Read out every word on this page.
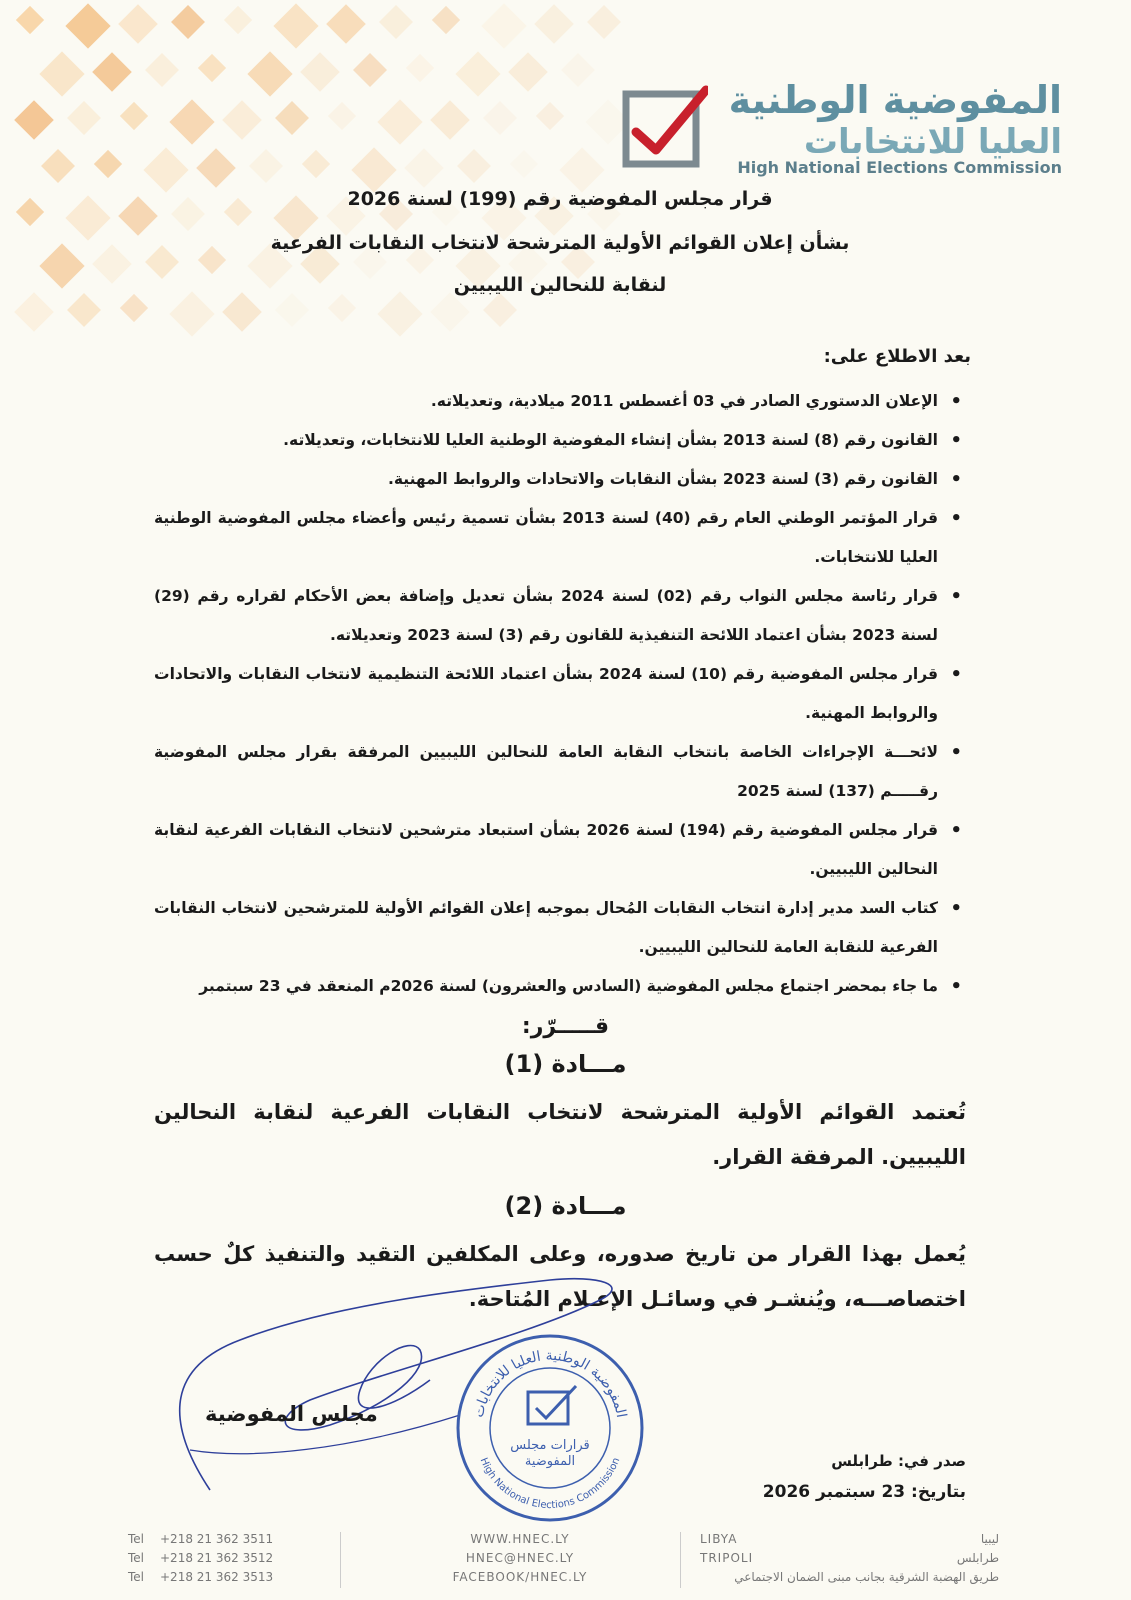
المفوضية الوطنية
العليا للانتخابات
High National Elections Commission
قرار مجلس المفوضية رقم (199) لسنة 2026
بشأن إعلان القوائم الأولية المترشحة لانتخاب النقابات الفرعية
لنقابة للنحالين الليبيين
بعد الاطلاع على:
• الإعلان الدستوري الصادر في 03 أغسطس 2011 ميلادية، وتعديلاته.
• القانون رقم (8) لسنة 2013 بشأن إنشاء المفوضية الوطنية العليا للانتخابات، وتعديلاته.
• القانون رقم (3) لسنة 2023 بشأن النقابات والاتحادات والروابط المهنية.
• قرار المؤتمر الوطني العام رقم (40) لسنة 2013 بشأن تسمية رئيس وأعضاء مجلس المفوضية الوطنية العليا للانتخابات.
• قرار رئاسة مجلس النواب رقم (02) لسنة 2024 بشأن تعديل وإضافة بعض الأحكام لقراره رقم (29) لسنة 2023 بشأن اعتماد اللائحة التنفيذية للقانون رقم (3) لسنة 2023 وتعديلاته.
• قرار مجلس المفوضية رقم (10) لسنة 2024 بشأن اعتماد اللائحة التنظيمية لانتخاب النقابات والاتحادات والروابط المهنية.
• لائحـــة الإجراءات الخاصة بانتخاب النقابة العامة للنحالين الليبيين المرفقة بقرار مجلس المفوضية رقـــــم (137) لسنة 2025
• قرار مجلس المفوضية رقم (194) لسنة 2026 بشأن استبعاد مترشحين لانتخاب النقابات الفرعية لنقابة النحالين الليبيين.
• كتاب السد مدير إدارة انتخاب النقابات المُحال بموجبه إعلان القوائم الأولية للمترشحين لانتخاب النقابات الفرعية للنقابة العامة للنحالين الليبيين.
• ما جاء بمحضر اجتماع مجلس المفوضية (السادس والعشرون) لسنة 2026م المنعقد في 23 سبتمبر
قـــــرّر:
مـــادة (1)
تُعتمد القوائم الأولية المترشحة لانتخاب النقابات الفرعية لنقابة النحالين الليبيين. المرفقة القرار.
مـــادة (2)
يُعمل بهذا القرار من تاريخ صدوره، وعلى المكلفين التقيد والتنفيذ كلٌ حسب اختصاصـــه، ويُنشـر في وسائـل الإعـلام المُتاحة.
المفوضية الوطنية العليا للانتخابات
High National Elections Commission
قرارات مجلس المفوضية
مجلس المفوضية
صدر في: طرابلس
بتاريخ: 23 سبتمبر 2026
Tel +218 21 362 3511
Tel +218 21 362 3512
Tel +218 21 362 3513
WWW.HNEC.LY
HNEC@HNEC.LY
FACEBOOK/HNEC.LY
LIBYA
TRIPOLI
ليبيا
طرابلس
طريق الهضبة الشرقية بجانب مبنى الضمان الاجتماعي
